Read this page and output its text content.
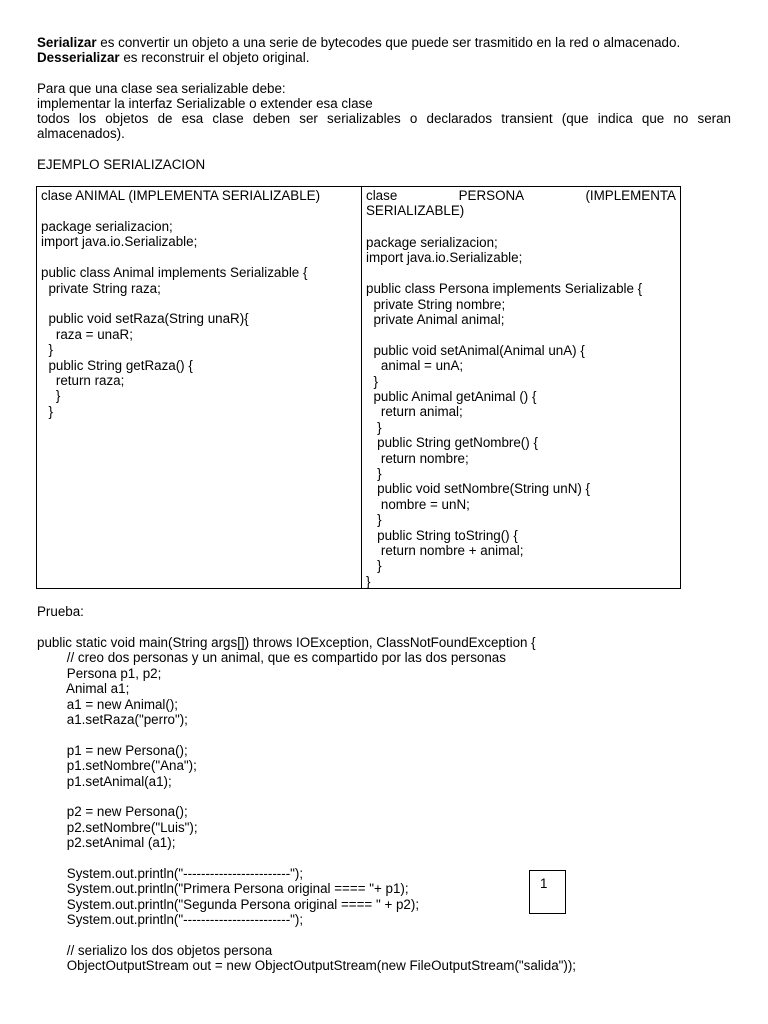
Serializar es convertir un objeto a una serie de bytecodes que puede ser trasmitido en la red o almacenado.
Desserializar es reconstruir el objeto original.
Para que una clase sea serializable debe:
implementar la interfaz Serializable o extender esa clase
todos los objetos de esa clase deben ser serializables o declarados transient (que indica que no seran
almacenados).
EJEMPLO SERIALIZACION
clase ANIMAL (IMPLEMENTA SERIALIZABLE)
package serializacion;
import java.io.Serializable;
public class Animal implements Serializable {
private String raza;
public void setRaza(String unaR){
raza = unaR;
}
public String getRaza() {
return raza;
}
}
clase	PERSONA	(IMPLEMENTA
SERIALIZABLE)
package serializacion;
import java.io.Serializable;
public class Persona implements Serializable {
private String nombre;
private Animal animal;
public void setAnimal(Animal unA) {
animal = unA;
}
public Animal getAnimal () {
return animal;
}
public String getNombre() {
return nombre;
}
public void setNombre(String unN) {
nombre = unN;
}
public String toString() {
return nombre + animal;
}
}
Prueba:
public static void main(String args[]) throws IOException, ClassNotFoundException {
// creo dos personas y un animal, que es compartido por las dos personas
Persona p1, p2;
Animal a1;
a1 = new Animal();
a1.setRaza("perro");
p1 = new Persona();
p1.setNombre("Ana");
p1.setAnimal(a1);
p2 = new Persona();
p2.setNombre("Luis");
p2.setAnimal (a1);
System.out.println("------------------------");
System.out.println("Primera Persona original ==== "+ p1);
System.out.println("Segunda Persona original ==== " + p2);
System.out.println("------------------------");
// serializo los dos objetos persona
ObjectOutputStream out = new ObjectOutputStream(new FileOutputStream("salida"));
1
